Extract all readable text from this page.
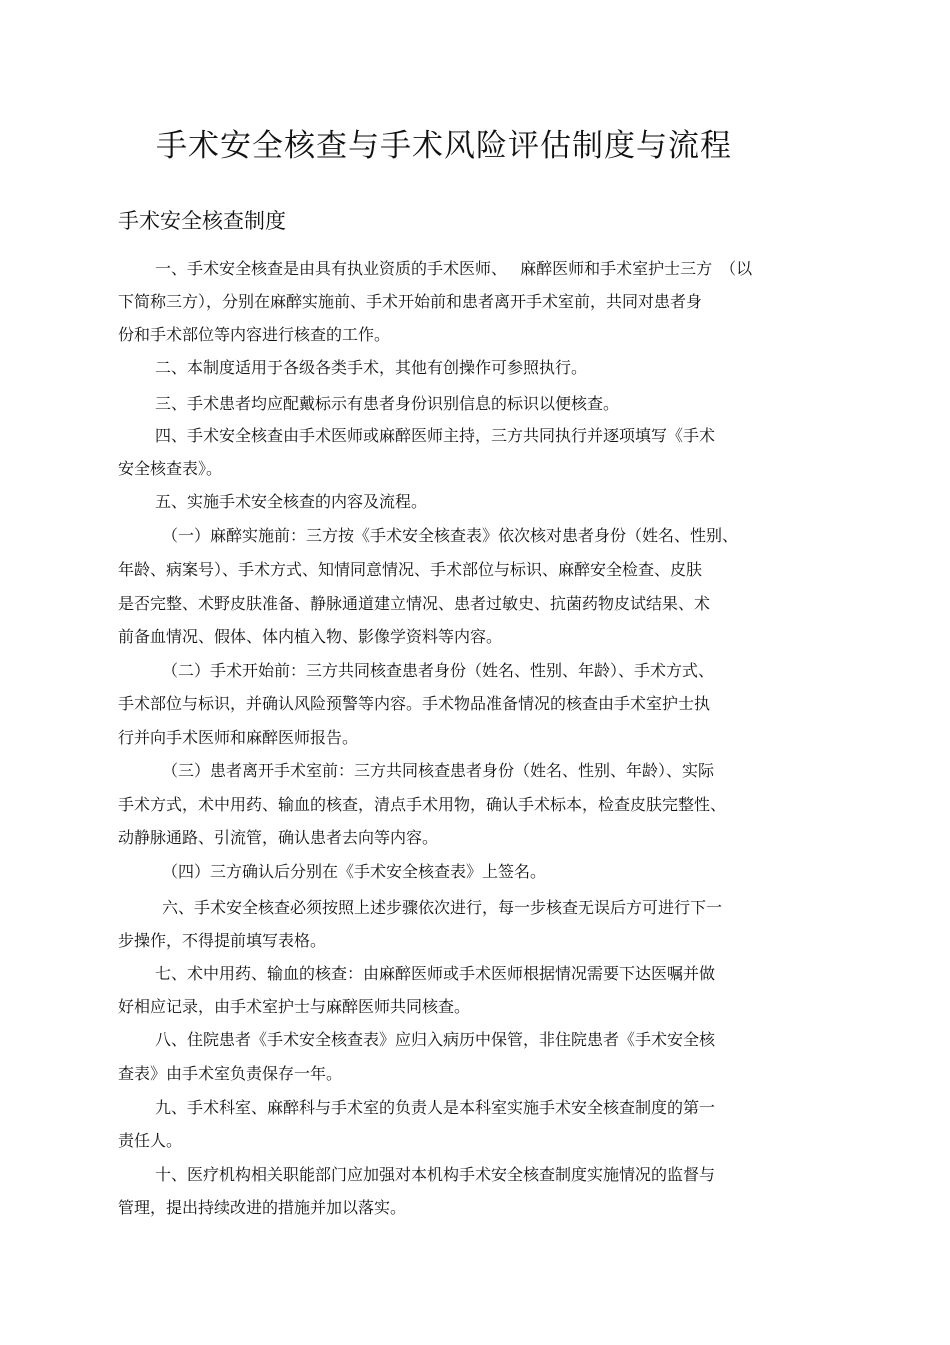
手术安全核查与手术风险评估制度与流程
手术安全核查制度
一、手术安全核查是由具有执业资质的手术医师、　 麻醉医师和手术室护士三方　（以
下简称三方），分别在麻醉实施前、手术开始前和患者离开手术室前，共同对患者身
份和手术部位等内容进行核查的工作。
二、本制度适用于各级各类手术，其他有创操作可参照执行。
三、手术患者均应配戴标示有患者身份识别信息的标识以便核查。
四、手术安全核查由手术医师或麻醉医师主持，三方共同执行并逐项填写《手术
安全核查表》。
五、实施手术安全核查的内容及流程。
（一）麻醉实施前：三方按《手术安全核查表》依次核对患者身份（姓名、性别、
年龄、病案号）、手术方式、知情同意情况、手术部位与标识、麻醉安全检查、皮肤
是否完整、术野皮肤准备、静脉通道建立情况、患者过敏史、抗菌药物皮试结果、术
前备血情况、假体、体内植入物、影像学资料等内容。
（二）手术开始前：三方共同核查患者身份（姓名、性别、年龄）、手术方式、
手术部位与标识，并确认风险预警等内容。手术物品准备情况的核查由手术室护士执
行并向手术医师和麻醉医师报告。
（三）患者离开手术室前：三方共同核查患者身份（姓名、性别、年龄）、实际
手术方式，术中用药、输血的核查，清点手术用物，确认手术标本，检查皮肤完整性、
动静脉通路、引流管，确认患者去向等内容。
（四）三方确认后分别在《手术安全核查表》上签名。
六、手术安全核查必须按照上述步骤依次进行，每一步核查无误后方可进行下一
步操作，不得提前填写表格。
七、术中用药、输血的核查：由麻醉医师或手术医师根据情况需要下达医嘱并做
好相应记录，由手术室护士与麻醉医师共同核查。
八、住院患者《手术安全核查表》应归入病历中保管，非住院患者《手术安全核
查表》由手术室负责保存一年。
九、手术科室、麻醉科与手术室的负责人是本科室实施手术安全核查制度的第一
责任人。
十、医疗机构相关职能部门应加强对本机构手术安全核查制度实施情况的监督与
管理，提出持续改进的措施并加以落实。
